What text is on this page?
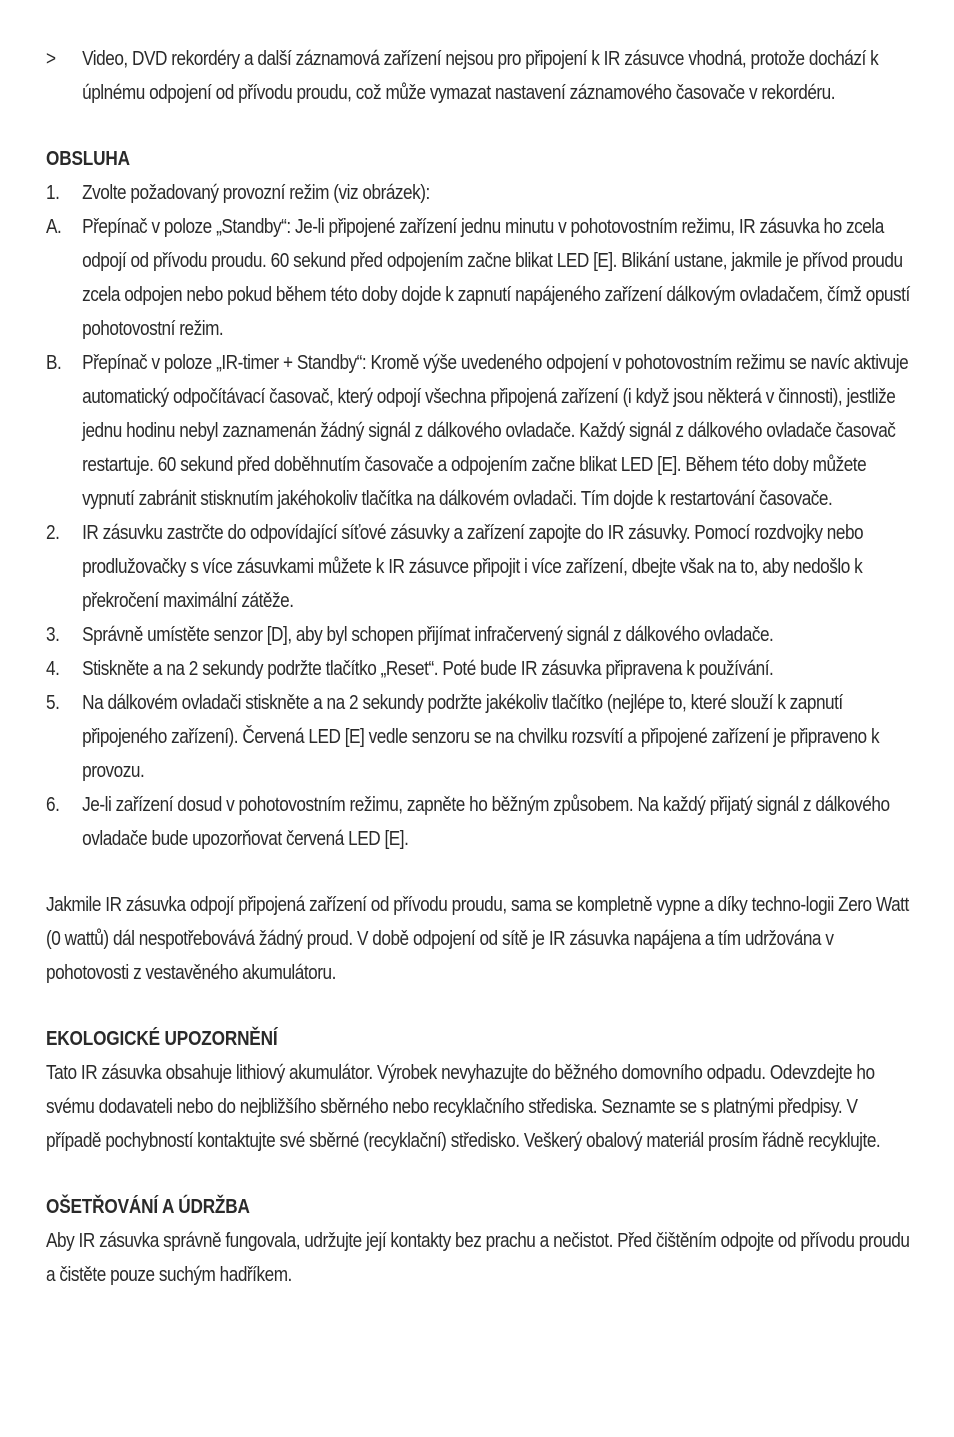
> Video, DVD rekordéry a další záznamová zařízení nejsou pro připojení k IR zásuvce vhodná, protože dochází k úplnému odpojení od přívodu proudu, což může vymazat nastavení záznamového časovače v rekordéru.
OBSLUHA
1. Zvolte požadovaný provozní režim (viz obrázek):
A. Přepínač v poloze „Standby“: Je-li připojené zařízení jednu minutu v pohotovostním režimu, IR zásuvka ho zcela odpojí od přívodu proudu. 60 sekund před odpojením začne blikat LED [E]. Blikání ustane, jakmile je přívod proudu zcela odpojen nebo pokud během této doby dojde k zapnutí napájeného zařízení dálkovým ovladačem, čímž opustí pohotovostní režim.
B. Přepínač v poloze „IR-timer + Standby“: Kromě výše uvedeného odpojení v pohotovostním režimu se navíc aktivuje automatický odpočítávací časovač, který odpojí všechna připojená zařízení (i když jsou některá v činnosti), jestliže jednu hodinu nebyl zaznamenán žádný signál z dálkového ovladače. Každý signál z dálkového ovladače časovač restartuje. 60 sekund před doběhnutím časovače a odpojením začne blikat LED [E]. Během této doby můžete vypnutí zabránit stisknutím jakéhokoliv tlačítka na dálkovém ovladači. Tím dojde k restartování časovače.
2. IR zásuvku zastrčte do odpovídající síťové zásuvky a zařízení zapojte do IR zásuvky. Pomocí rozdvojky nebo prodlužovačky s více zásuvkami můžete k IR zásuvce připojit i více zařízení, dbejte však na to, aby nedošlo k překročení maximální zátěže.
3. Správně umístěte senzor [D], aby byl schopen přijímat infračervený signál z dálkového ovladače.
4. Stiskněte a na 2 sekundy podržte tlačítko „Reset“. Poté bude IR zásuvka připravena k používání.
5. Na dálkovém ovladači stiskněte a na 2 sekundy podržte jakékoliv tlačítko (nejlépe to, které slouží k zapnutí připojeného zařízení). Červená LED [E] vedle senzoru se na chvilku rozsvítí a připojené zařízení je připraveno k provozu.
6. Je-li zařízení dosud v pohotovostním režimu, zapněte ho běžným způsobem. Na každý přijatý signál z dálkového ovladače bude upozorňovat červená LED [E].
Jakmile IR zásuvka odpojí připojená zařízení od přívodu proudu, sama se kompletně vypne a díky techno-logii Zero Watt (0 wattů) dál nespotřebovává žádný proud. V době odpojení od sítě je IR zásuvka napájena a tím udržována v pohotovosti z vestavěného akumulátoru.
EKOLOGICKÉ UPOZORNĚNÍ
Tato IR zásuvka obsahuje lithiový akumulátor. Výrobek nevyhazujte do běžného domovního odpadu. Odevzdejte ho svému dodavateli nebo do nejbližšího sběrného nebo recyklačního střediska. Seznamte se s platnými předpisy. V případě pochybností kontaktujte své sběrné (recyklační) středisko. Veškerý obalový materiál prosím řádně recyklujte.
OŠETŘOVÁNÍ A ÚDRŽBA
Aby IR zásuvka správně fungovala, udržujte její kontakty bez prachu a nečistot. Před čištěním odpojte od přívodu proudu a čistěte pouze suchým hadříkem.
